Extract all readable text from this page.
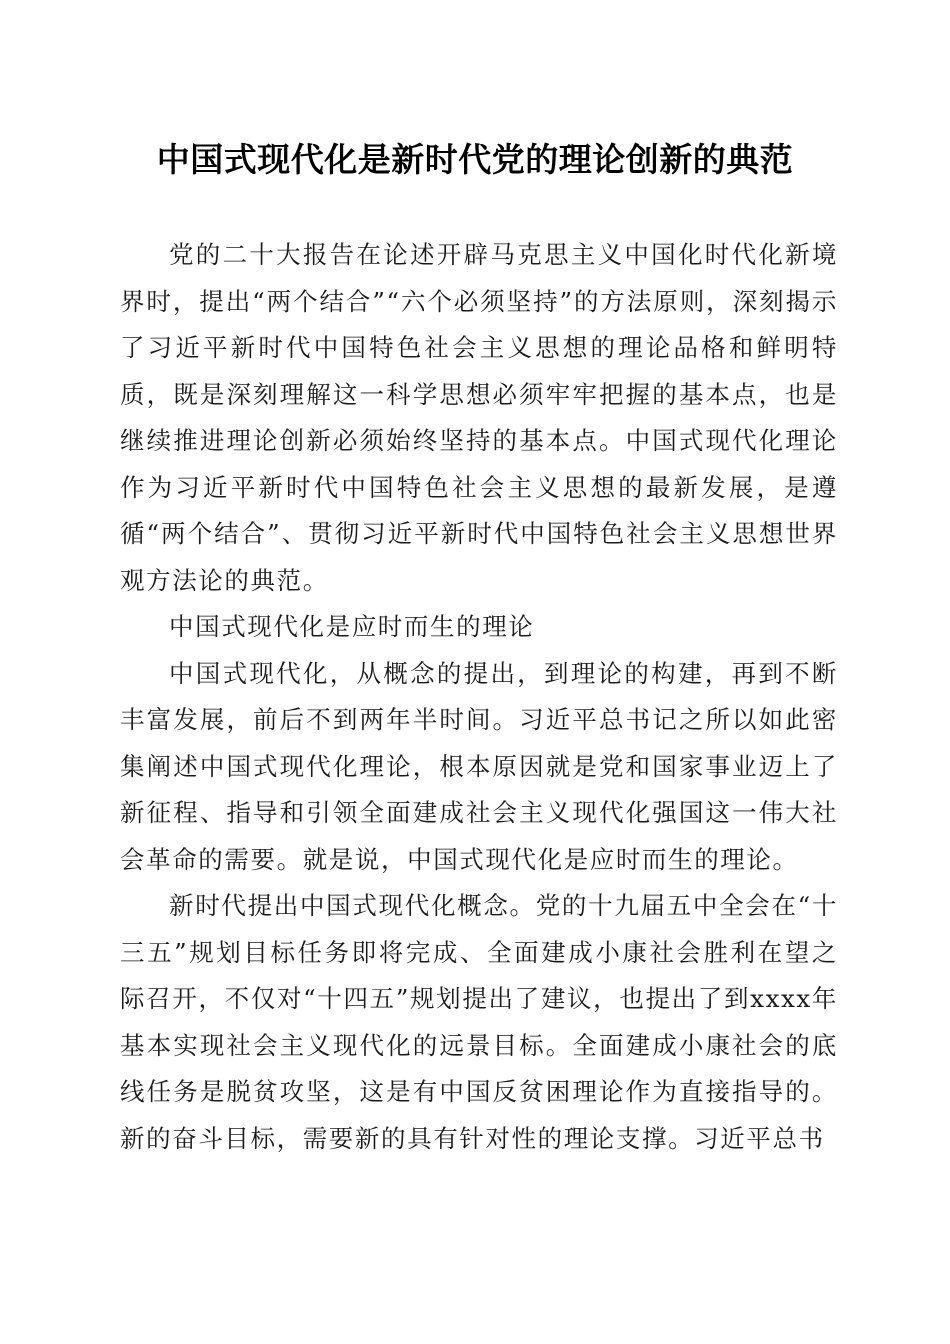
中国式现代化是新时代党的理论创新的典范

党的二十大报告在论述开辟马克思主义中国化时代化新境界时，提出“两个结合”“六个必须坚持”的方法原则，深刻揭示了习近平新时代中国特色社会主义思想的理论品格和鲜明特质，既是深刻理解这一科学思想必须牢牢把握的基本点，也是继续推进理论创新必须始终坚持的基本点。中国式现代化理论作为习近平新时代中国特色社会主义思想的最新发展，是遵循“两个结合”、贯彻习近平新时代中国特色社会主义思想世界观方法论的典范。

中国式现代化是应时而生的理论

中国式现代化，从概念的提出，到理论的构建，再到不断丰富发展，前后不到两年半时间。习近平总书记之所以如此密集阐述中国式现代化理论，根本原因就是党和国家事业迈上了新征程、指导和引领全面建成社会主义现代化强国这一伟大社会革命的需要。就是说，中国式现代化是应时而生的理论。

新时代提出中国式现代化概念。党的十九届五中全会在“十三五”规划目标任务即将完成、全面建成小康社会胜利在望之际召开，不仅对“十四五”规划提出了建议，也提出了到xxxx年基本实现社会主义现代化的远景目标。全面建成小康社会的底线任务是脱贫攻坚，这是有中国反贫困理论作为直接指导的。新的奋斗目标，需要新的具有针对性的理论支撑。习近平总书
